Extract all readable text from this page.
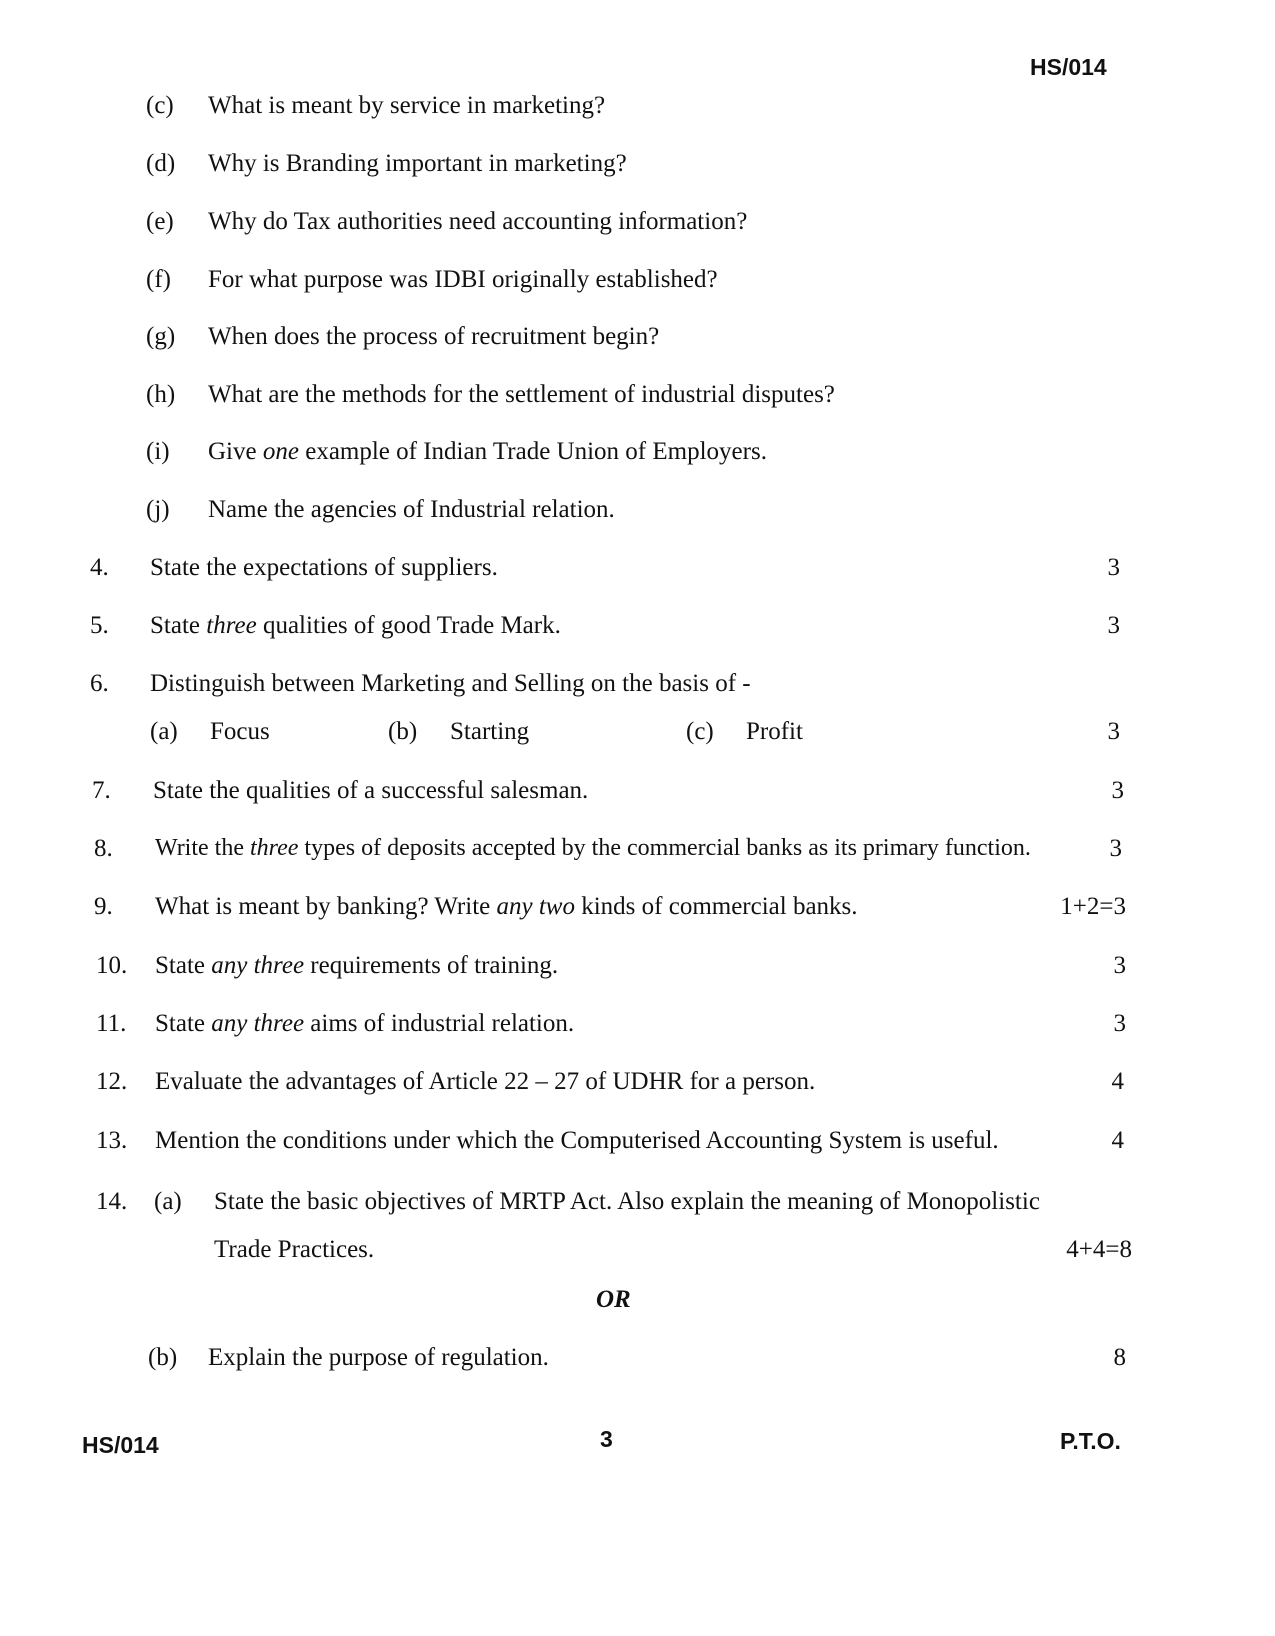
HS/014
(c) What is meant by service in marketing?
(d) Why is Branding important in marketing?
(e) Why do Tax authorities need accounting information?
(f) For what purpose was IDBI originally established?
(g) When does the process of recruitment begin?
(h) What are the methods for the settlement of industrial disputes?
(i) Give one example of Indian Trade Union of Employers.
(j) Name the agencies of Industrial relation.
4. State the expectations of suppliers.	3
5. State three qualities of good Trade Mark.	3
6. Distinguish between Marketing and Selling on the basis of -
(a) Focus	(b) Starting	(c) Profit	3
7. State the qualities of a successful salesman.	3
8. Write the three types of deposits accepted by the commercial banks as its primary function.	3
9. What is meant by banking? Write any two kinds of commercial banks.	1+2=3
10. State any three requirements of training.	3
11. State any three aims of industrial relation.	3
12. Evaluate the advantages of Article 22 – 27 of UDHR for a person.	4
13. Mention the conditions under which the Computerised Accounting System is useful.	4
14. (a) State the basic objectives of MRTP Act. Also explain the meaning of Monopolistic
Trade Practices.	4+4=8
OR
(b) Explain the purpose of regulation.	8
HS/014	3	P.T.O.
